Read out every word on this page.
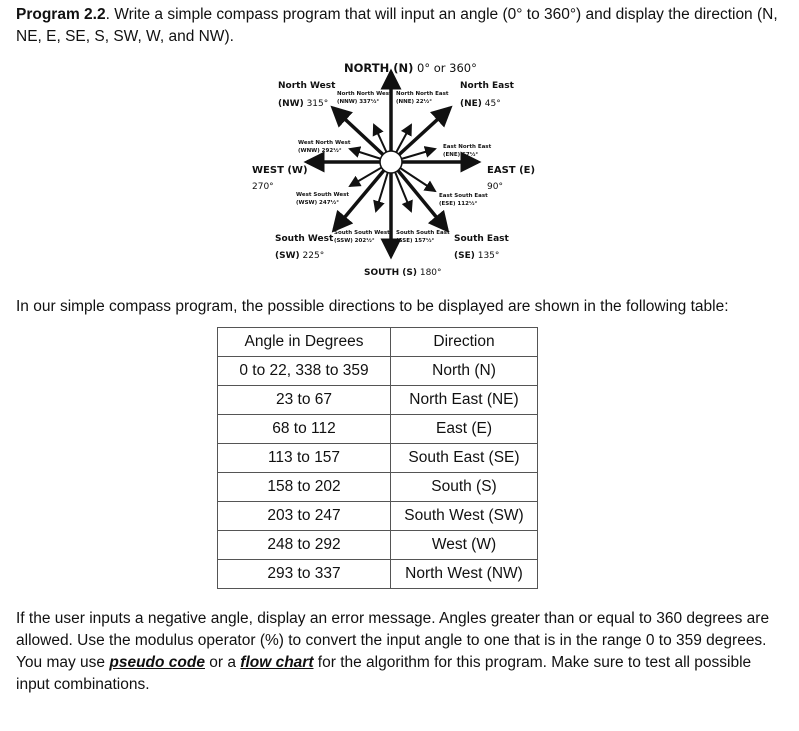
Program 2.2. Write a simple compass program that will input an angle (0° to 360°) and display the direction (N, NE, E, SE, S, SW, W, and NW).
NORTH (N) 0° or 360°
North West
(NW) 315°
North East
(NE) 45°
North North West
(NNW) 337½°
North North East
(NNE) 22½°
West North West
(WNW) 292½°
East North East
(ENE) 67½°
WEST (W)
270°
EAST (E)
90°
West South West
(WSW) 247½°
East South East
(ESE) 112½°
South South West
(SSW) 202½°
South South East
(SSE) 157½°
South West
(SW) 225°
South East
(SE) 135°
SOUTH (S) 180°
In our simple compass program, the possible directions to be displayed are shown in the following table:
Angle in Degrees	Direction
0 to 22, 338 to 359	North (N)
23 to 67	North East (NE)
68 to 112	East (E)
113 to 157	South East (SE)
158 to 202	South (S)
203 to 247	South West (SW)
248 to 292	West (W)
293 to 337	North West (NW)
If the user inputs a negative angle, display an error message. Angles greater than or equal to 360 degrees are allowed. Use the modulus operator (%) to convert the input angle to one that is in the range 0 to 359 degrees. You may use pseudo code or a flow chart for the algorithm for this program. Make sure to test all possible input combinations.
